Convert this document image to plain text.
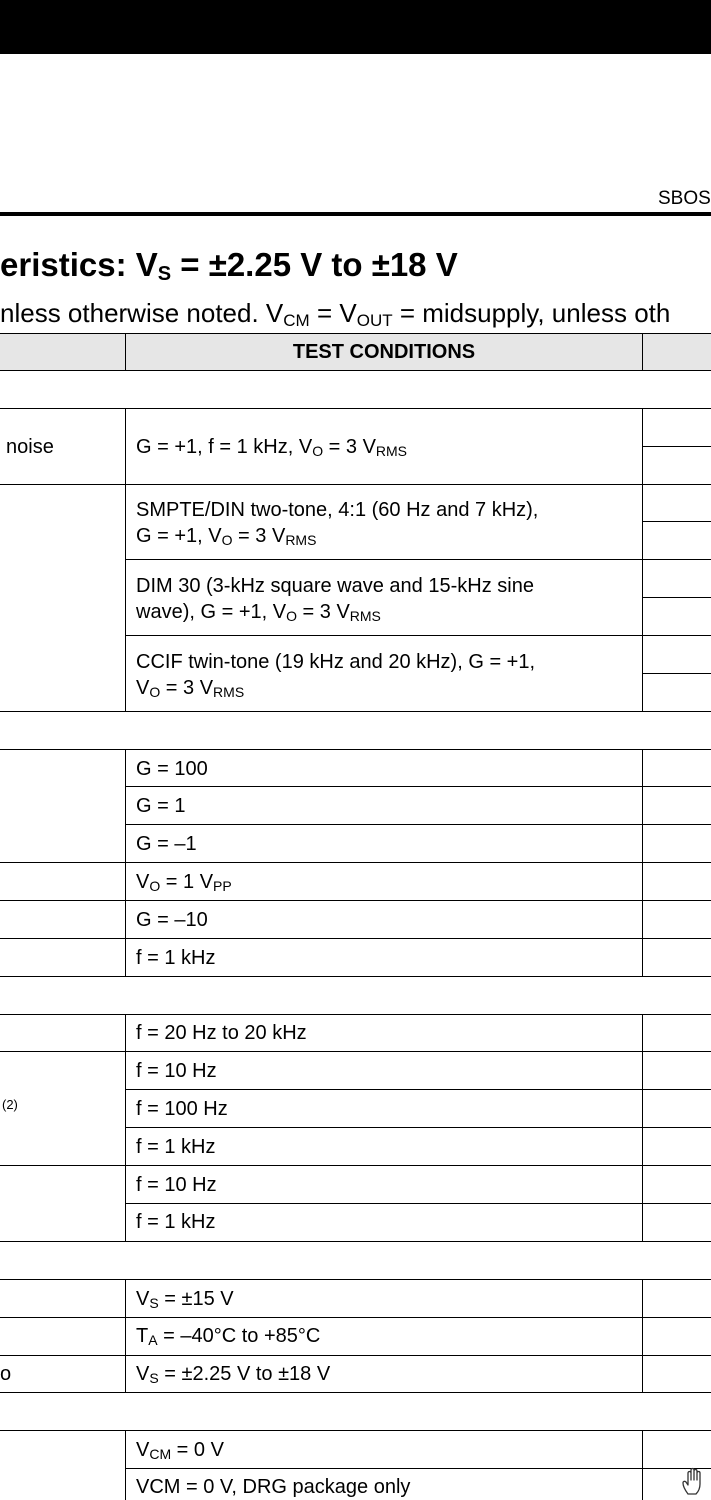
SBOS
eristics: $V_S = \pm 2.25$ V to ±18 V
nless otherwise noted. $V_{CM} = V_{OUT}$ = midsupply, unless oth
TEST CONDITIONS
noise
(2)
o
G = +1, f = 1 kHz, $V_O = 3$ $V_{RMS}$
SMPTE/DIN two-tone, 4:1 (60 Hz and 7 kHz),
G = +1, $V_O = 3$ $V_{RMS}$
DIM 30 (3-kHz square wave and 15-kHz sine
wave), G = +1, $V_O = 3$ $V_{RMS}$
CCIF twin-tone (19 kHz and 20 kHz), G = +1,
$V_O = 3$ $V_{RMS}$
G = 100
G = 1
G = –1
$V_O = 1$ $V_{PP}$
G = –10
f = 1 kHz
f = 20 Hz to 20 kHz
f = 10 Hz
f = 100 Hz
f = 1 kHz
f = 10 Hz
f = 1 kHz
$V_S = \pm 15$ V
$T_A = -40^\circ C$ to +85°C
$V_S = \pm 2.25$ V to ±18 V
$V_{CM} = 0$ V
VCM = 0 V, DRG package only
